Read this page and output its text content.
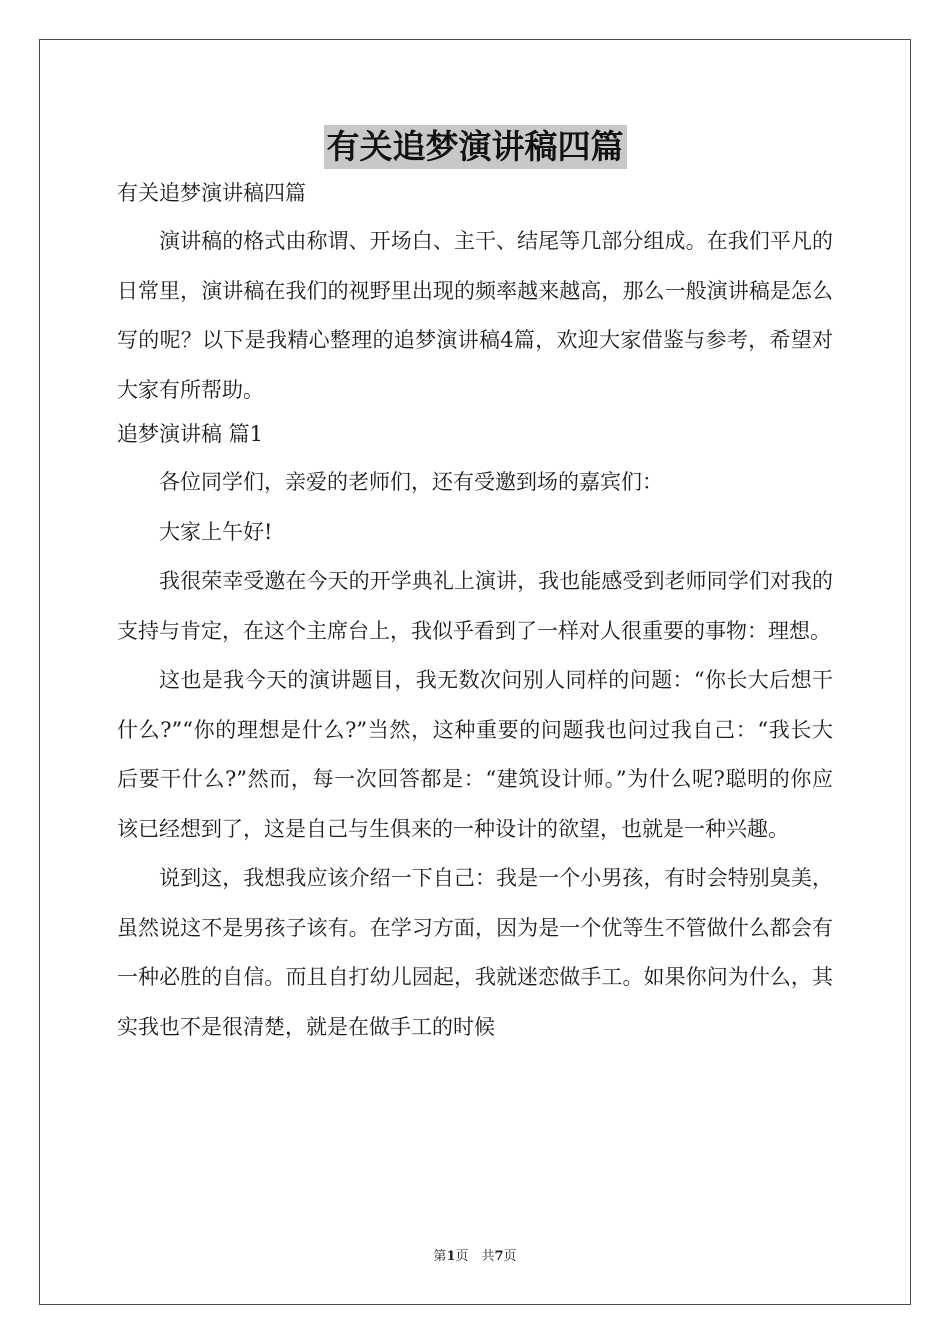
有关追梦演讲稿四篇
有关追梦演讲稿四篇

演讲稿的格式由称谓、开场白、主干、结尾等几部分组成。在我们平凡的日常里，演讲稿在我们的视野里出现的频率越来越高，那么一般演讲稿是怎么写的呢？以下是我精心整理的追梦演讲稿4篇，欢迎大家借鉴与参考，希望对大家有所帮助。

追梦演讲稿 篇1

各位同学们，亲爱的老师们，还有受邀到场的嘉宾们：

大家上午好!

我很荣幸受邀在今天的开学典礼上演讲，我也能感受到老师同学们对我的支持与肯定，在这个主席台上，我似乎看到了一样对人很重要的事物：理想。

这也是我今天的演讲题目，我无数次问别人同样的问题：“你长大后想干什么?”“你的理想是什么?”当然，这种重要的问题我也问过我自己：“我长大后要干什么?”然而，每一次回答都是：“建筑设计师。”为什么呢?聪明的你应该已经想到了，这是自己与生俱来的一种设计的欲望，也就是一种兴趣。

说到这，我想我应该介绍一下自己：我是一个小男孩，有时会特别臭美，虽然说这不是男孩子该有。在学习方面，因为是一个优等生不管做什么都会有一种必胜的自信。而且自打幼儿园起，我就迷恋做手工。如果你问为什么，其实我也不是很清楚，就是在做手工的时候

第1页　共7页
